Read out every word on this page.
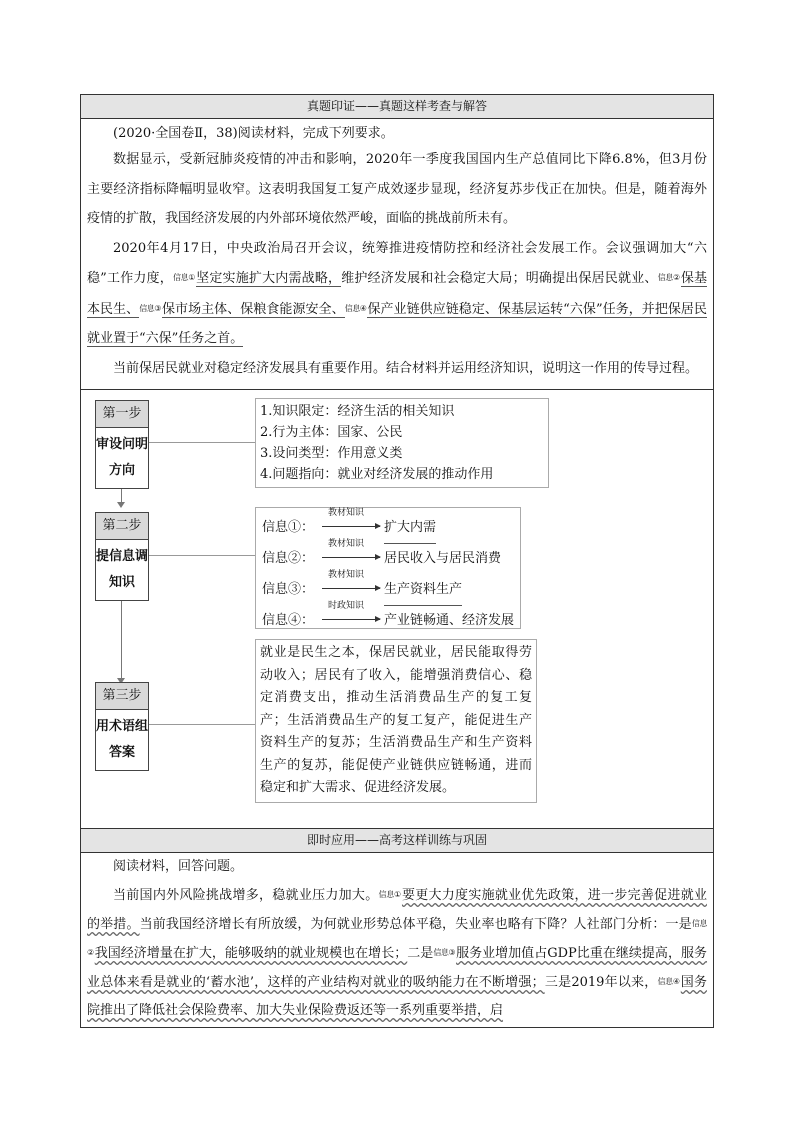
真题印证——真题这样考查与解答

(2020·全国卷Ⅱ，38)阅读材料，完成下列要求。

数据显示，受新冠肺炎疫情的冲击和影响，2020年一季度我国国内生产总值同比下降6.8%，但3月份主要经济指标降幅明显收窄。这表明我国复工复产成效逐步显现，经济复苏步伐正在加快。但是，随着海外疫情的扩散，我国经济发展的内外部环境依然严峻，面临的挑战前所未有。

2020年4月17日，中央政治局召开会议，统筹推进疫情防控和经济社会发展工作。会议强调加大“六稳”工作力度，信息①坚定实施扩大内需战略，维护经济发展和社会稳定大局；明确提出保居民就业、信息②保基本民生、信息③保市场主体、保粮食能源安全、信息④保产业链供应链稳定、保基层运转“六保”任务，并把保居民就业置于“六保”任务之首。

当前保居民就业对稳定经济发展具有重要作用。结合材料并运用经济知识，说明这一作用的传导过程。

第一步
审设问明方向
第二步
提信息调知识
第三步
用术语组答案
1.知识限定：经济生活的相关知识
2.行为主体：国家、公民
3.设问类型：作用意义类
4.问题指向：就业对经济发展的推动作用
信息①：
教材知识
扩大内需
信息②：
教材知识
居民收入与居民消费
信息③：
教材知识
生产资料生产
信息④：
时政知识
产业链畅通、经济发展
就业是民生之本，保居民就业，居民能取得劳动收入；居民有了收入，能增强消费信心、稳定消费支出，推动生活消费品生产的复工复产；生活消费品生产的复工复产，能促进生产资料生产的复苏；生活消费品生产和生产资料生产的复苏，能促使产业链供应链畅通，进而稳定和扩大需求、促进经济发展。
即时应用——高考这样训练与巩固

阅读材料，回答问题。

当前国内外风险挑战增多，稳就业压力加大。信息①要更大力度实施就业优先政策，进一步完善促进就业的举措。当前我国经济增长有所放缓，为何就业形势总体平稳，失业率也略有下降？人社部门分析：一是信息②我国经济增量在扩大，能够吸纳的就业规模也在增长；二是信息③服务业增加值占GDP比重在继续提高，服务业总体来看是就业的‘蓄水池’，这样的产业结构对就业的吸纳能力在不断增强；三是2019年以来，信息④国务院推出了降低社会保险费率、加大失业保险费返还等一系列重要举措，启
